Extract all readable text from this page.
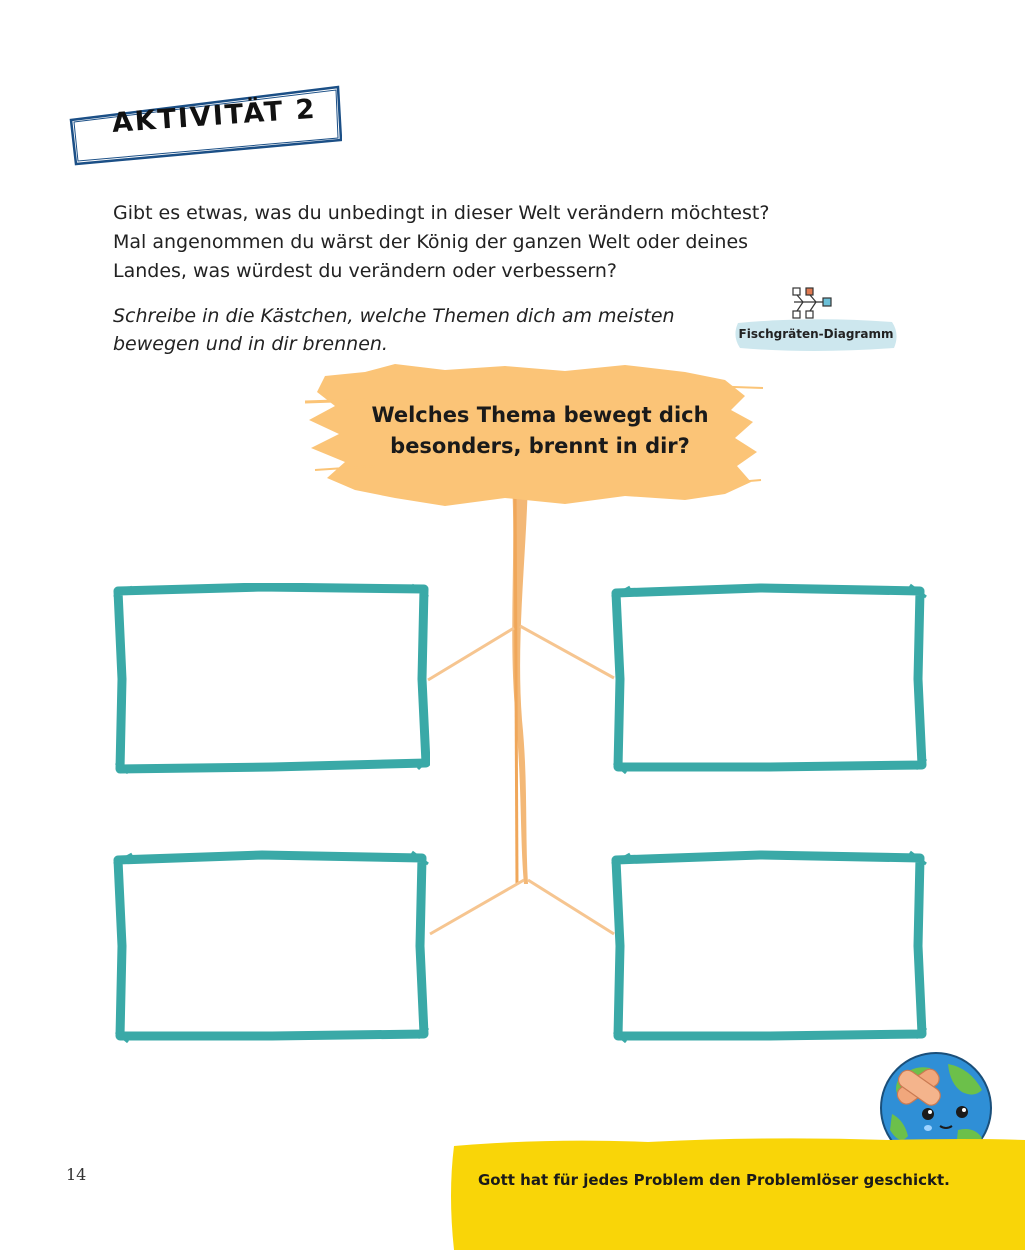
AKTIVITÄT 2
Gibt es etwas, was du unbedingt in dieser Welt verändern möchtest?
Mal angenommen du wärst der König der ganzen Welt oder deines
Landes, was würdest du verändern oder verbessern?
Schreibe in die Kästchen, welche Themen dich am meisten
bewegen und in dir brennen.	Fischgräten-Diagramm
Welches Thema bewegt dich
besonders, brennt in dir?
Gott hat für jedes Problem den Problemlöser geschickt.
14
